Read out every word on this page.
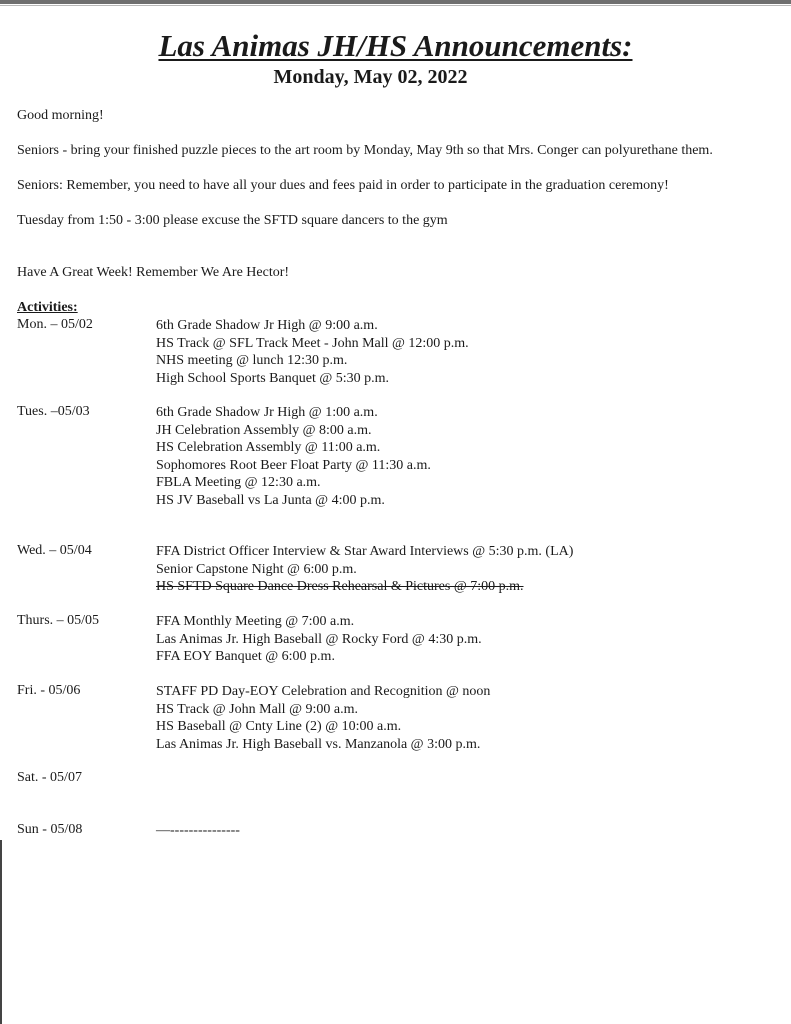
Las Animas JH/HS Announcements:
Monday, May 02, 2022
Good morning!
Seniors - bring your finished puzzle pieces to the art room by Monday, May 9th so that Mrs. Conger can polyurethane them.
Seniors: Remember, you need to have all your dues and fees paid in order to participate in the graduation ceremony!
Tuesday from 1:50 - 3:00 please excuse the SFTD square dancers to the gym
Have A Great Week! Remember We Are Hector!
Activities:
Mon. – 05/02	6th Grade Shadow Jr High @ 9:00 a.m.
HS Track @ SFL Track Meet - John Mall @ 12:00 p.m.
NHS meeting @ lunch 12:30 p.m.
High School Sports Banquet @ 5:30 p.m.
Tues. –05/03	6th Grade Shadow Jr High @ 1:00 a.m.
JH Celebration Assembly @ 8:00 a.m.
HS Celebration Assembly @ 11:00 a.m.
Sophomores Root Beer Float Party @ 11:30 a.m.
FBLA Meeting @ 12:30 a.m.
HS JV Baseball vs La Junta @ 4:00 p.m.
Wed. – 05/04	FFA District Officer Interview & Star Award Interviews @ 5:30 p.m. (LA)
Senior Capstone Night @ 6:00 p.m.
HS SFTD Square Dance Dress Rehearsal & Pictures @ 7:00 p.m.
Thurs. – 05/05	FFA Monthly Meeting @ 7:00 a.m.
Las Animas Jr. High Baseball @ Rocky Ford @ 4:30 p.m.
FFA EOY Banquet @ 6:00 p.m.
Fri. - 05/06	STAFF PD Day-EOY Celebration and Recognition @ noon
HS Track @ John Mall @ 9:00 a.m.
HS Baseball @ Cnty Line (2) @ 10:00 a.m.
Las Animas Jr. High Baseball vs. Manzanola @ 3:00 p.m.
Sat. - 05/07
Sun - 05/08	—---------------
